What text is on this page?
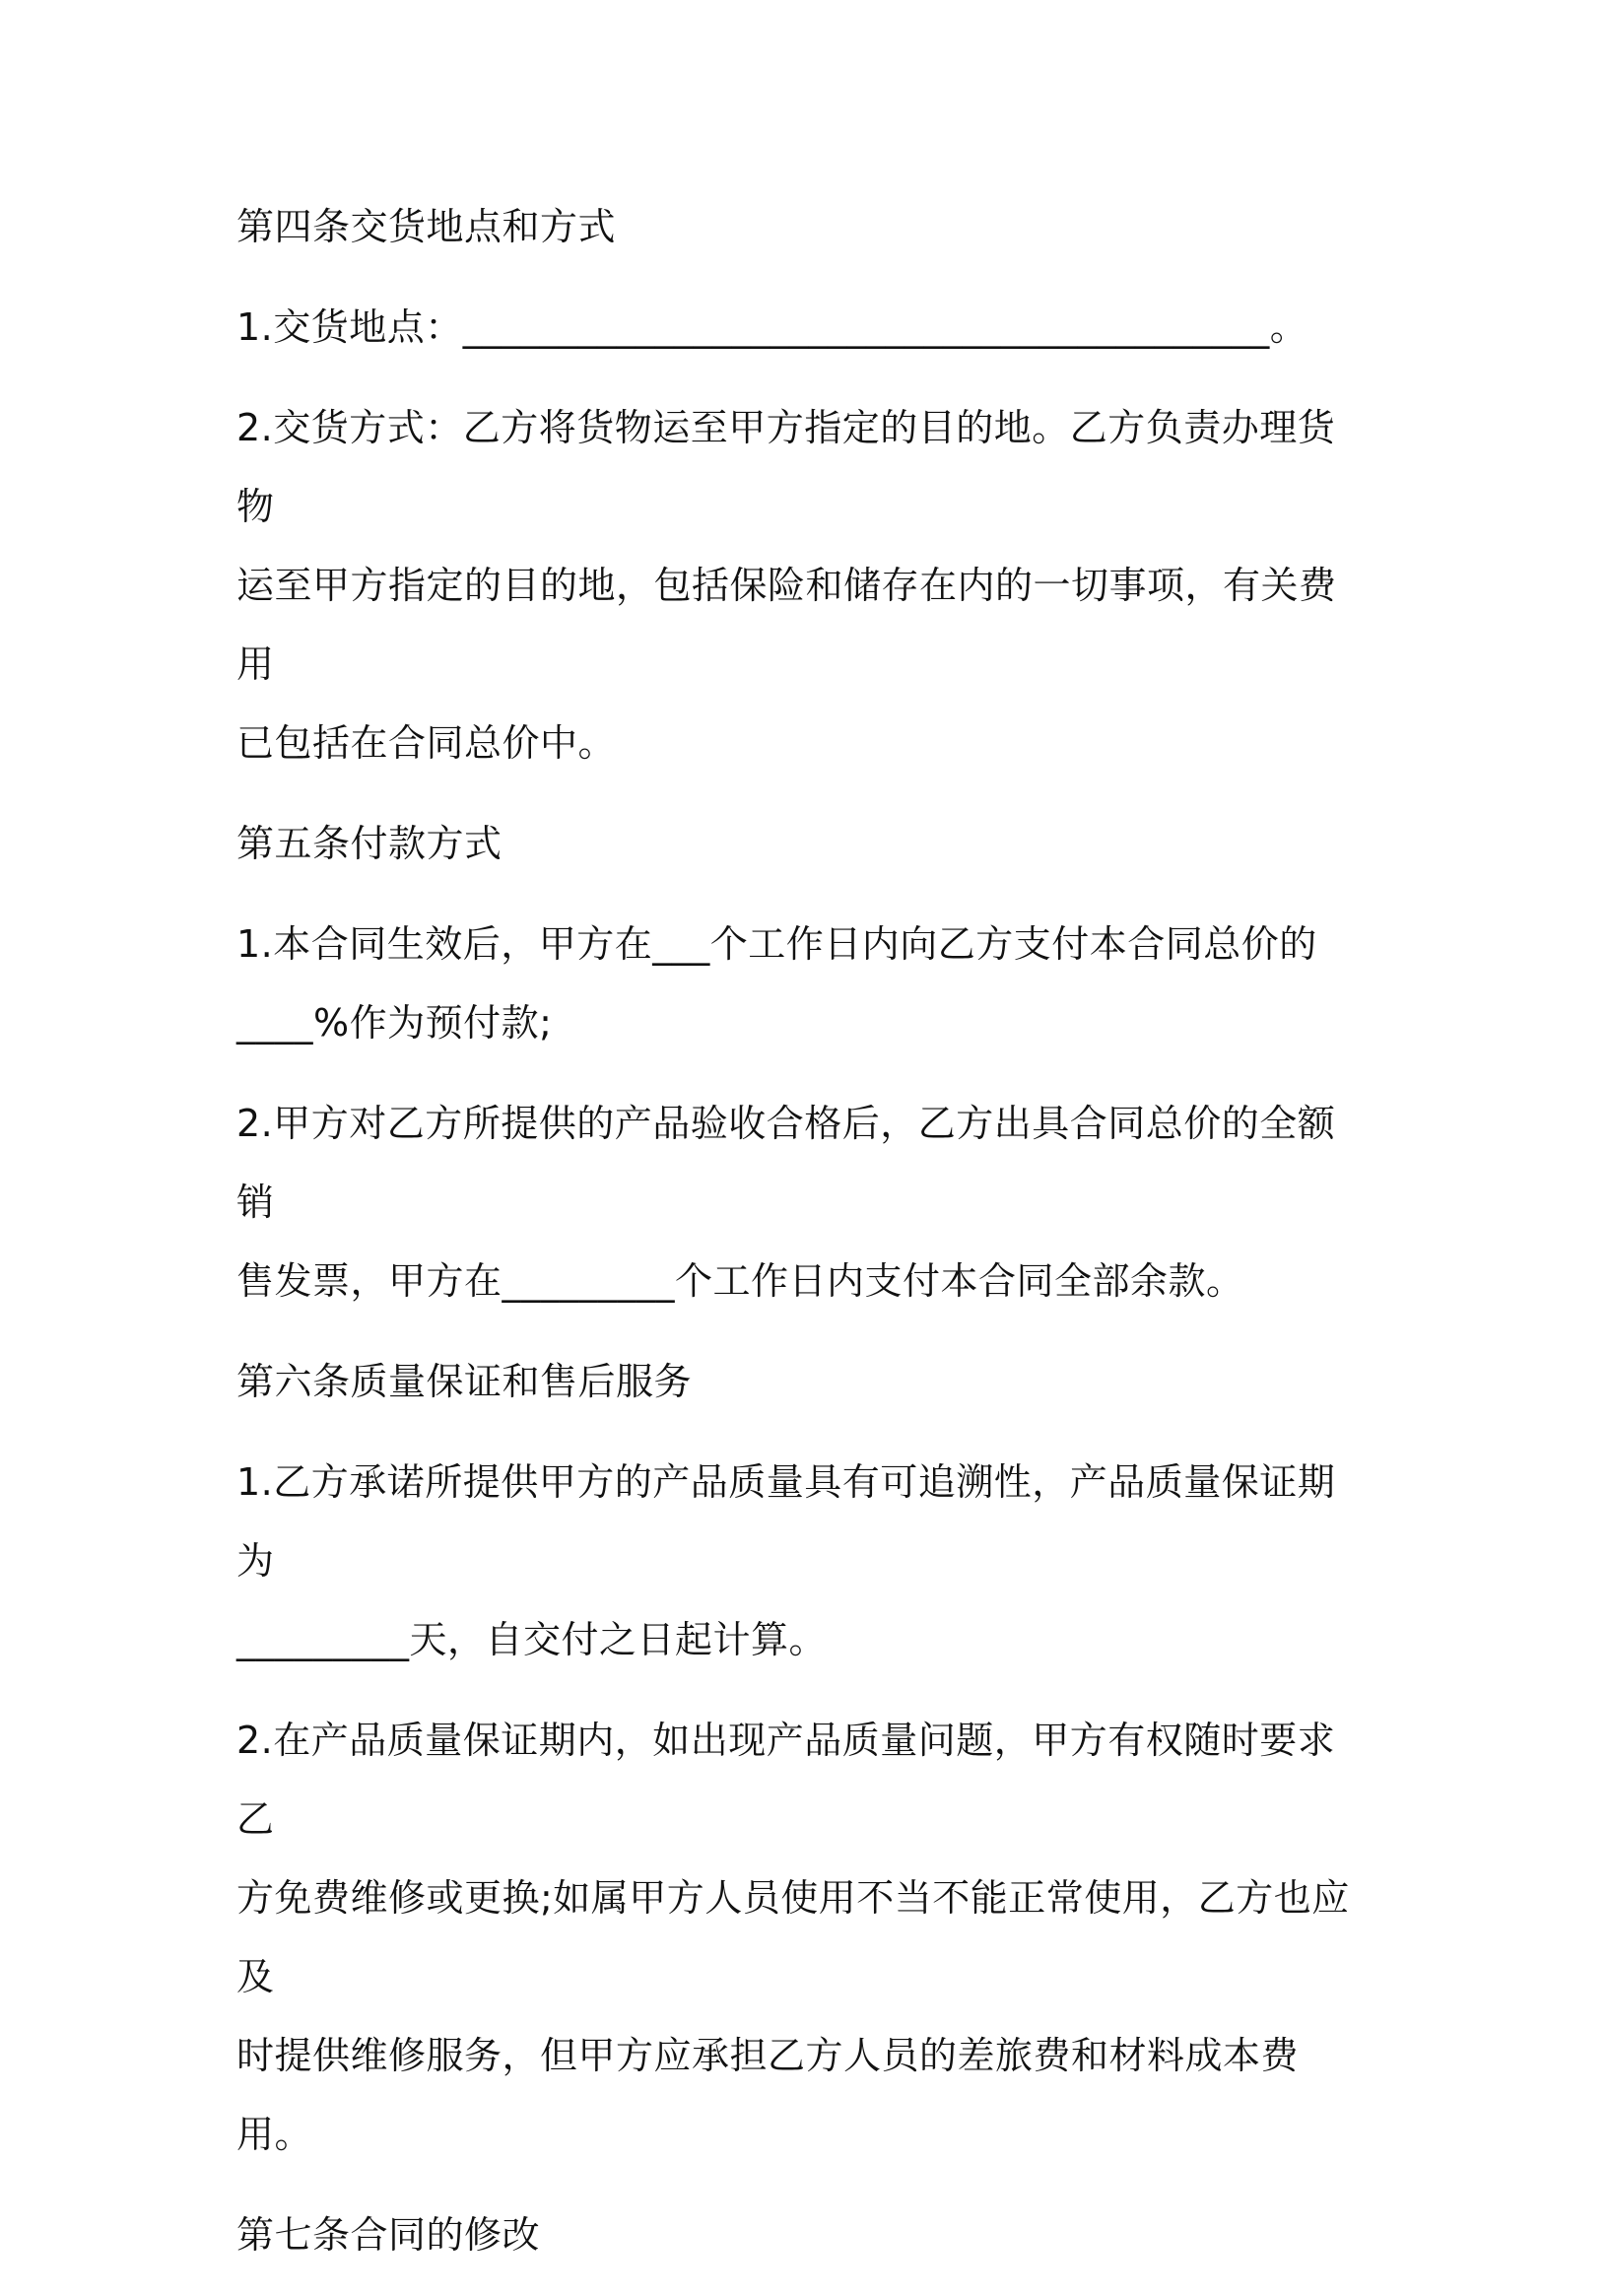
第四条交货地点和方式
1.交货地点：__________________________________________。
2.交货方式：乙方将货物运至甲方指定的目的地。乙方负责办理货物
运至甲方指定的目的地，包括保险和储存在内的一切事项，有关费用
已包括在合同总价中。
第五条付款方式
1.本合同生效后，甲方在___个工作日内向乙方支付本合同总价的
____%作为预付款;
2.甲方对乙方所提供的产品验收合格后，乙方出具合同总价的全额销
售发票，甲方在_________个工作日内支付本合同全部余款。
第六条质量保证和售后服务
1.乙方承诺所提供甲方的产品质量具有可追溯性，产品质量保证期为
_________天，自交付之日起计算。
2.在产品质量保证期内，如出现产品质量问题，甲方有权随时要求乙
方免费维修或更换;如属甲方人员使用不当不能正常使用，乙方也应及
时提供维修服务，但甲方应承担乙方人员的差旅费和材料成本费用。
第七条合同的修改
